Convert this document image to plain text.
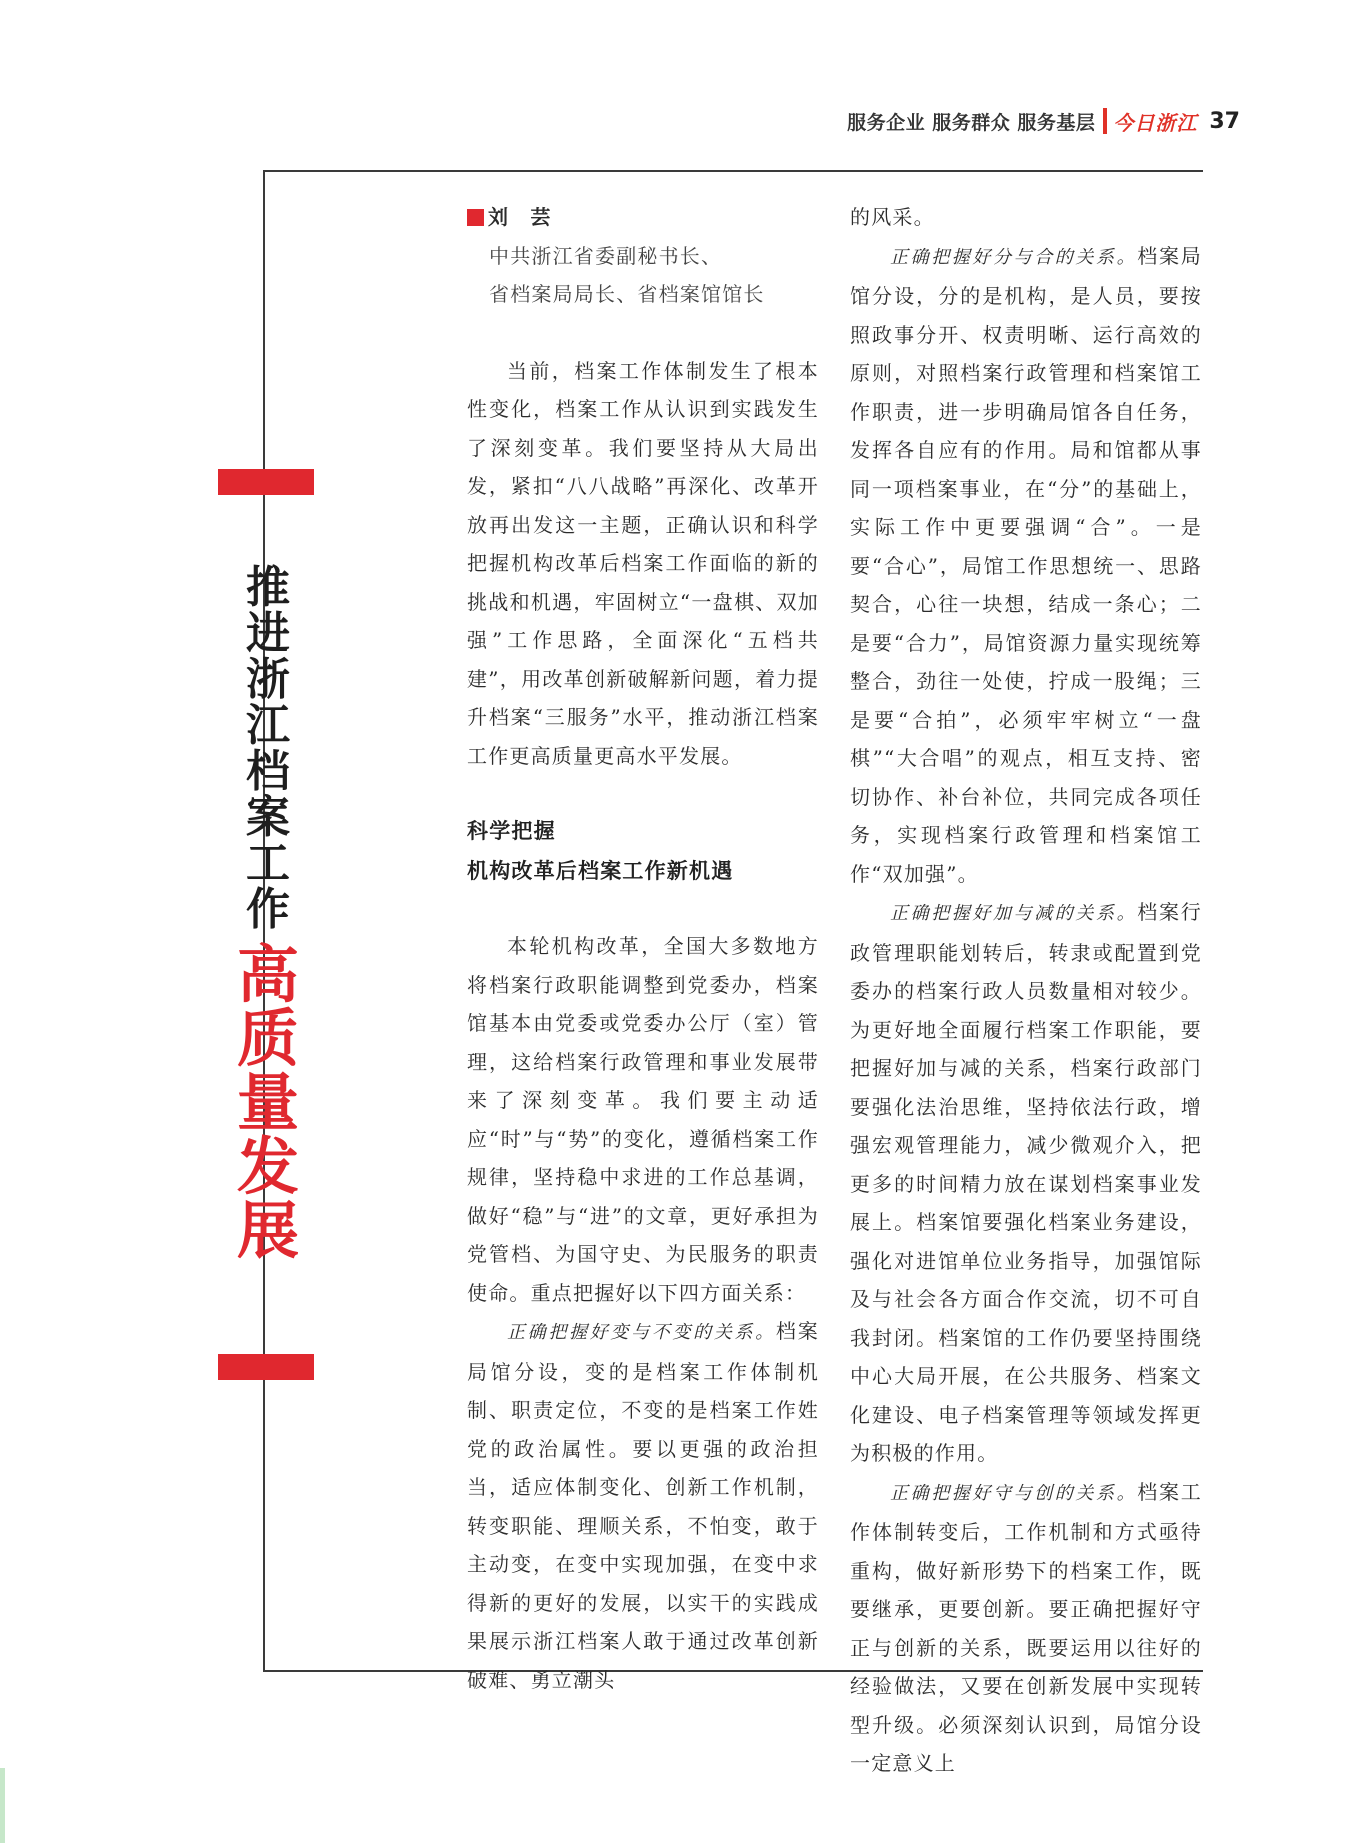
服务企业 服务群众 服务基层 今日浙江 37
推
进
浙
江
档
案
工
作
高
质
量
发
展
刘　芸
中共浙江省委副秘书长、
省档案局局长、省档案馆馆长

当前，档案工作体制发生了根本性变化，档案工作从认识到实践发生了深刻变革。我们要坚持从大局出发，紧扣“八八战略”再深化、改革开放再出发这一主题，正确认识和科学把握机构改革后档案工作面临的新的挑战和机遇，牢固树立“一盘棋、双加强”工作思路，全面深化“五档共建”，用改革创新破解新问题，着力提升档案“三服务”水平，推动浙江档案工作更高质量更高水平发展。

科学把握
机构改革后档案工作新机遇

本轮机构改革，全国大多数地方将档案行政职能调整到党委办，档案馆基本由党委或党委办公厅（室）管理，这给档案行政管理和事业发展带来了深刻变革。我们要主动适应“时”与“势”的变化，遵循档案工作规律，坚持稳中求进的工作总基调，做好“稳”与“进”的文章，更好承担为党管档、为国守史、为民服务的职责使命。重点把握好以下四方面关系：

正确把握好变与不变的关系。档案局馆分设，变的是档案工作体制机制、职责定位，不变的是档案工作姓党的政治属性。要以更强的政治担当，适应体制变化、创新工作机制，转变职能、理顺关系，不怕变，敢于主动变，在变中实现加强，在变中求得新的更好的发展，以实干的实践成果展示浙江档案人敢于通过改革创新破难、勇立潮头

的风采。

正确把握好分与合的关系。档案局馆分设，分的是机构，是人员，要按照政事分开、权责明晰、运行高效的原则，对照档案行政管理和档案馆工作职责，进一步明确局馆各自任务，发挥各自应有的作用。局和馆都从事同一项档案事业，在“分”的基础上，实际工作中更要强调“合”。一是要“合心”，局馆工作思想统一、思路契合，心往一块想，结成一条心；二是要“合力”，局馆资源力量实现统筹整合，劲往一处使，拧成一股绳；三是要“合拍”，必须牢牢树立“一盘棋”“大合唱”的观点，相互支持、密切协作、补台补位，共同完成各项任务，实现档案行政管理和档案馆工作“双加强”。

正确把握好加与减的关系。档案行政管理职能划转后，转隶或配置到党委办的档案行政人员数量相对较少。为更好地全面履行档案工作职能，要把握好加与减的关系，档案行政部门要强化法治思维，坚持依法行政，增强宏观管理能力，减少微观介入，把更多的时间精力放在谋划档案事业发展上。档案馆要强化档案业务建设，强化对进馆单位业务指导，加强馆际及与社会各方面合作交流，切不可自我封闭。档案馆的工作仍要坚持围绕中心大局开展，在公共服务、档案文化建设、电子档案管理等领域发挥更为积极的作用。

正确把握好守与创的关系。档案工作体制转变后，工作机制和方式亟待重构，做好新形势下的档案工作，既要继承，更要创新。要正确把握好守正与创新的关系，既要运用以往好的经验做法，又要在创新发展中实现转型升级。必须深刻认识到，局馆分设一定意义上
